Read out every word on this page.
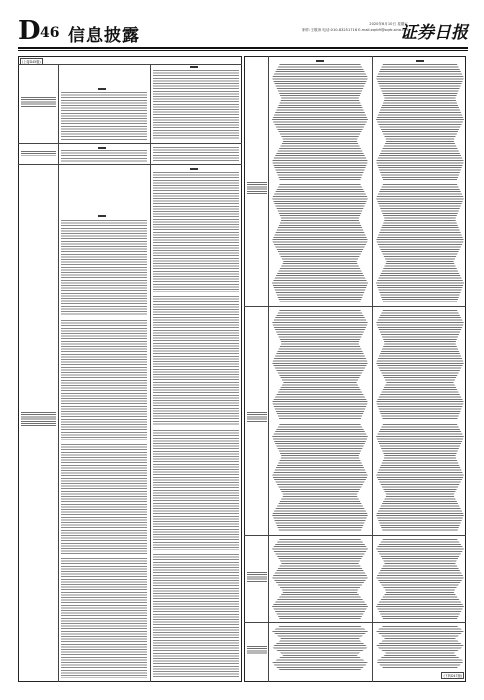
D 46 信息披露
2020年6月10日 星期三
制作:王敬涛 电话:010-83251716 E-mail:zqrb9@zqrb.sina.net
证券日报
(上接D45版)
(下转D47版)
